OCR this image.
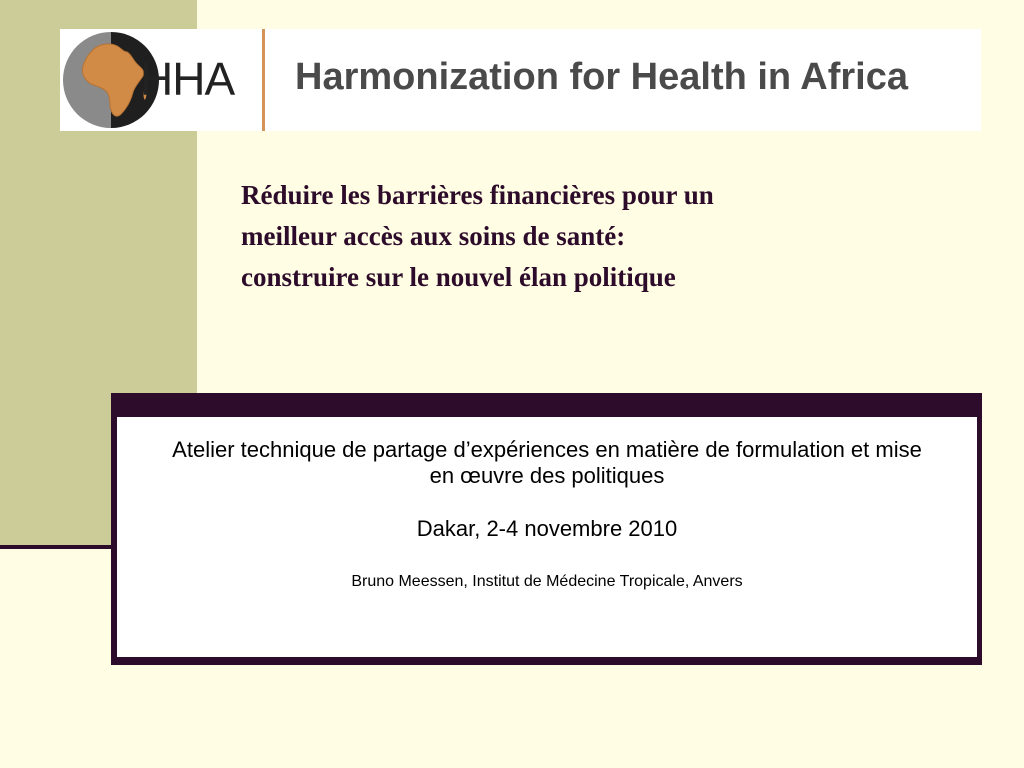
HHA Harmonization for Health in Africa
Réduire les barrières financières pour un
meilleur accès aux soins de santé:
construire sur le nouvel élan politique
Atelier technique de partage d’expériences en matière de formulation et mise en œuvre des politiques
Dakar, 2-4 novembre 2010
Bruno Meessen, Institut de Médecine Tropicale, Anvers
